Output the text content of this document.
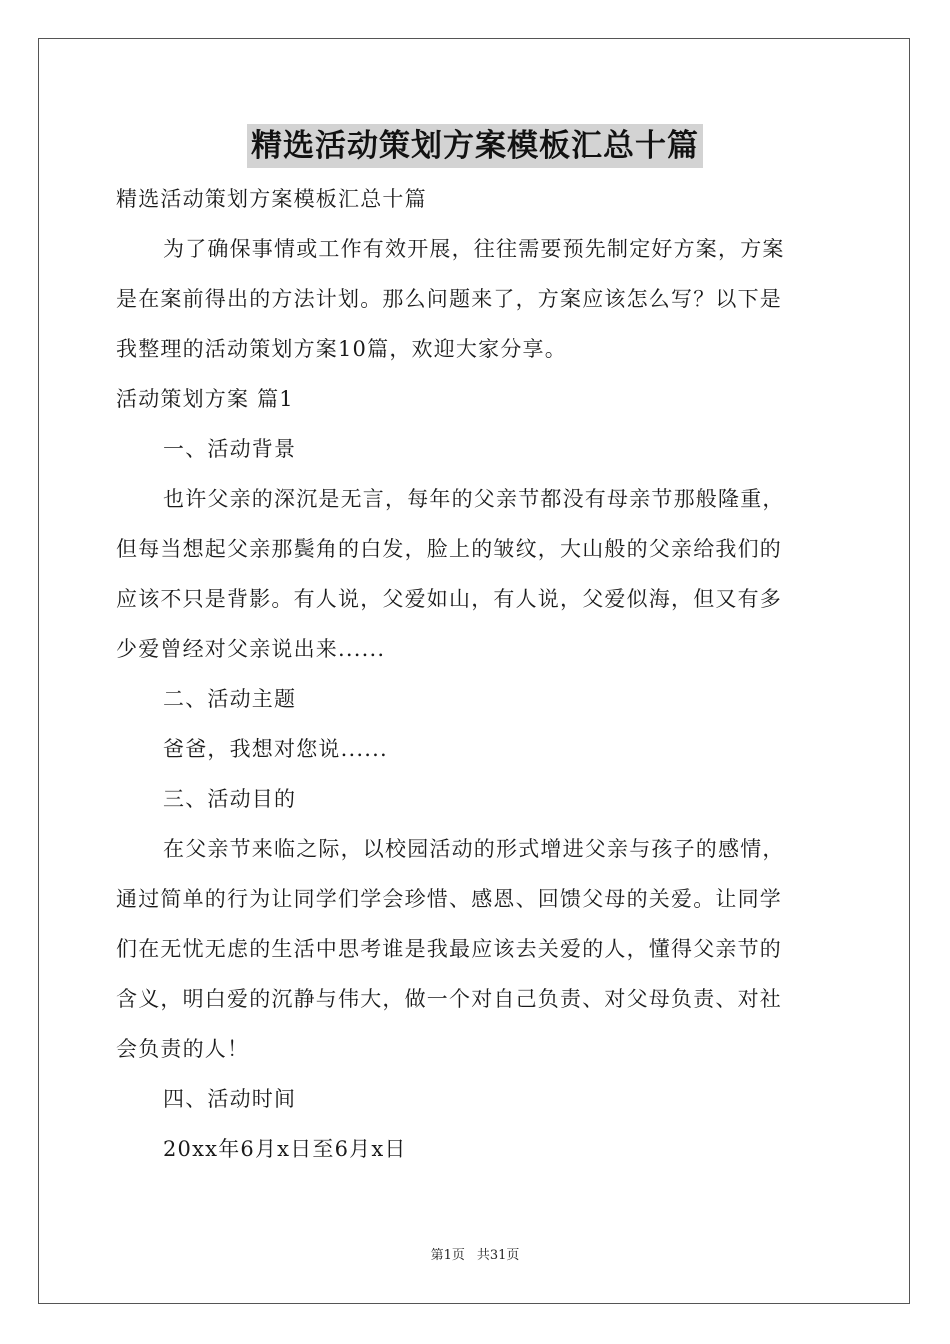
精选活动策划方案模板汇总十篇
精选活动策划方案模板汇总十篇
为了确保事情或工作有效开展，往往需要预先制定好方案，方案
是在案前得出的方法计划。那么问题来了，方案应该怎么写？以下是
我整理的活动策划方案10篇，欢迎大家分享。
活动策划方案 篇1
一、活动背景
也许父亲的深沉是无言，每年的父亲节都没有母亲节那般隆重，
但每当想起父亲那鬓角的白发，脸上的皱纹，大山般的父亲给我们的
应该不只是背影。有人说，父爱如山，有人说，父爱似海，但又有多
少爱曾经对父亲说出来......
二、活动主题
爸爸，我想对您说......
三、活动目的
在父亲节来临之际，以校园活动的形式增进父亲与孩子的感情，
通过简单的行为让同学们学会珍惜、感恩、回馈父母的关爱。让同学
们在无忧无虑的生活中思考谁是我最应该去关爱的人，懂得父亲节的
含义，明白爱的沉静与伟大，做一个对自己负责、对父母负责、对社
会负责的人！
四、活动时间
20xx年6月x日至6月x日
第1页 共31页
